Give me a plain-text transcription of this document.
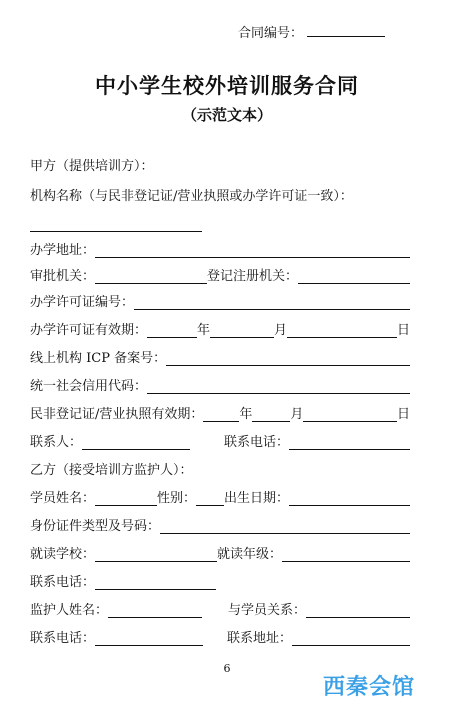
合同编号：
中小学生校外培训服务合同
（示范文本）
甲方（提供培训方）：
机构名称（与民非登记证/营业执照或办学许可证一致）：
办学地址：
审批机关：	登记注册机关：
办学许可证编号：
办学许可证有效期：	年	月	日
线上机构 ICP 备案号：
统一社会信用代码：
民非登记证/营业执照有效期：	年	月	日
联系人：	联系电话：
乙方（接受培训方监护人）：
学员姓名：	性别： 出生日期：
身份证件类型及号码：
就读学校：	就读年级：
联系电话：
监护人姓名：	与学员关系：
联系电话：	联系地址：
6
西秦会馆
